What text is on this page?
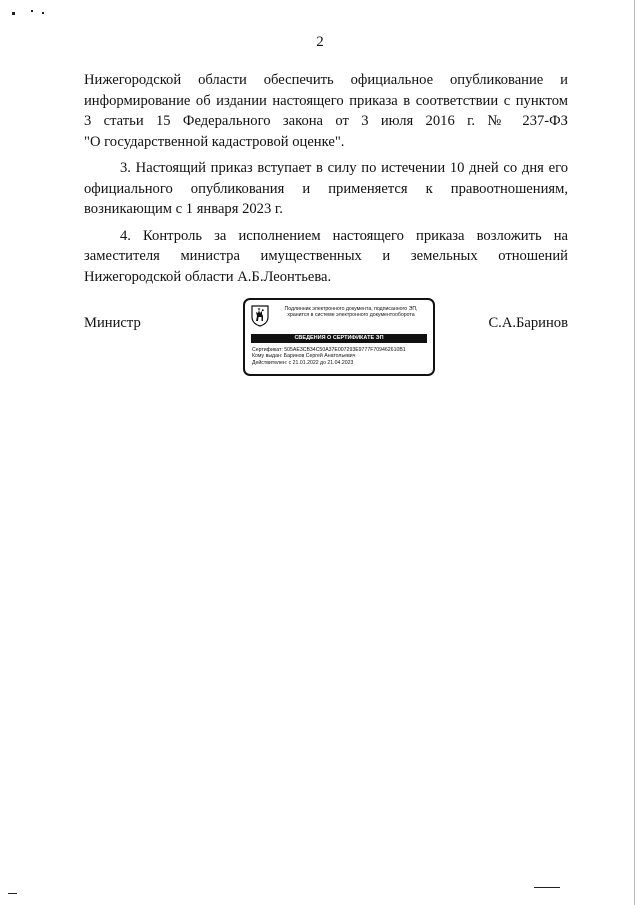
2

Нижегородской области обеспечить официальное опубликование и
информирование об издании настоящего приказа в соответствии с пунктом
3 статьи 15 Федерального закона от 3 июля 2016 г. № 237-ФЗ
"О государственной кадастровой оценке".

3. Настоящий приказ вступает в силу по истечении 10 дней со дня его
официального опубликования и применяется к правоотношениям,
возникающим с 1 января 2023 г.

4. Контроль за исполнением настоящего приказа возложить на
заместителя министра имущественных и земельных отношений
Нижегородской области А.Б.Леонтьева.

Министр
Подлинник электронного документа, подписанного ЭП,
хранится в системе электронного документооборота
СВЕДЕНИЯ О СЕРТИФИКАТЕ ЭП
Сертификат: 505AE3CB34C50A37E007293E9777F709462610B1
Кому выдан: Баринов Сергей Анатольевич
Действителен: с 21.01.2022 до 21.04.2023
С.А.Баринов
